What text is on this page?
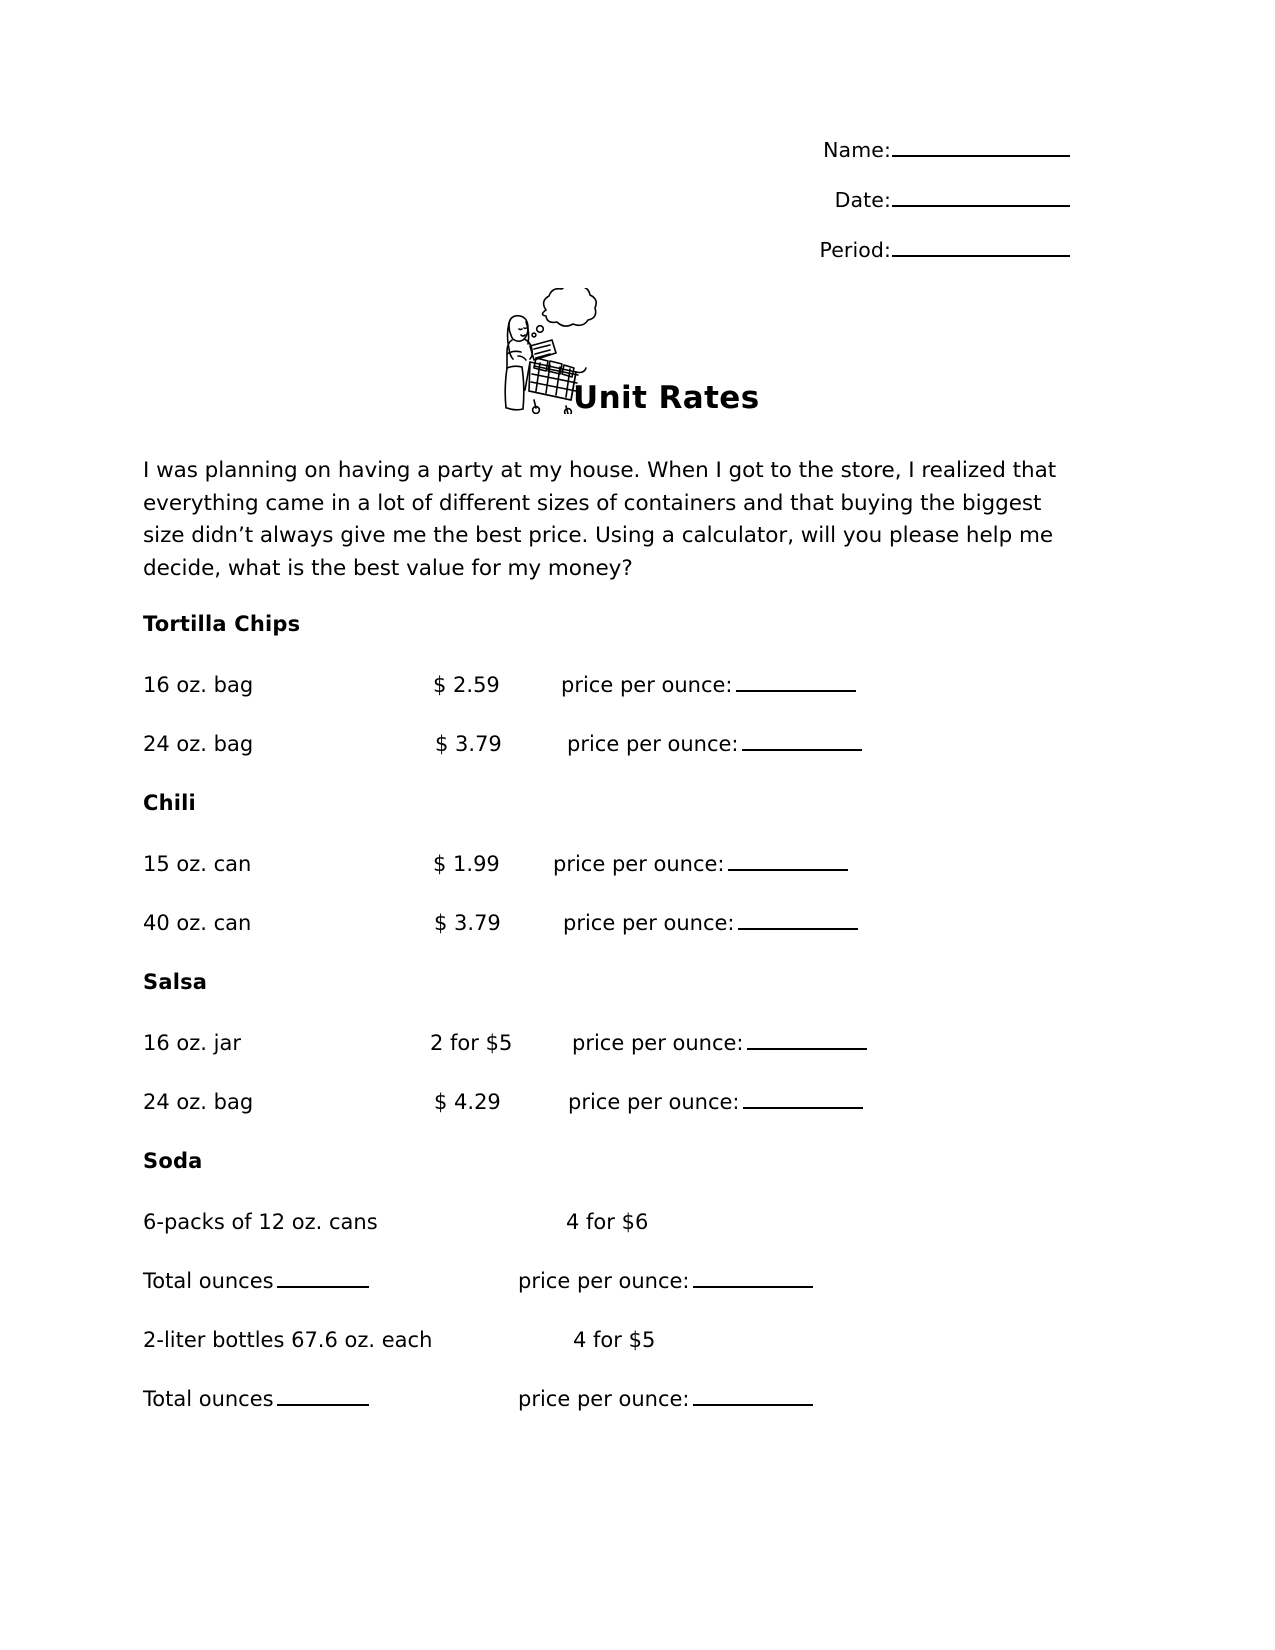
Name:
Date:
Period:
Unit Rates
I was planning on having a party at my house. When I got to the store, I realized that everything came in a lot of different sizes of containers and that buying the biggest size didn’t always give me the best price. Using a calculator, will you please help me decide, what is the best value for my money?
Tortilla Chips
16 oz. bag	$ 2.59	price per ounce:
24 oz. bag	$ 3.79	price per ounce:
Chili
15 oz. can	$ 1.99	price per ounce:
40 oz. can	$ 3.79	price per ounce:
Salsa
16 oz. jar	2 for $5	price per ounce:
24 oz. bag	$ 4.29	price per ounce:
Soda
6-packs of 12 oz. cans	4 for $6
Total ounces	price per ounce:
2-liter bottles 67.6 oz. each	4 for $5
Total ounces	price per ounce:
